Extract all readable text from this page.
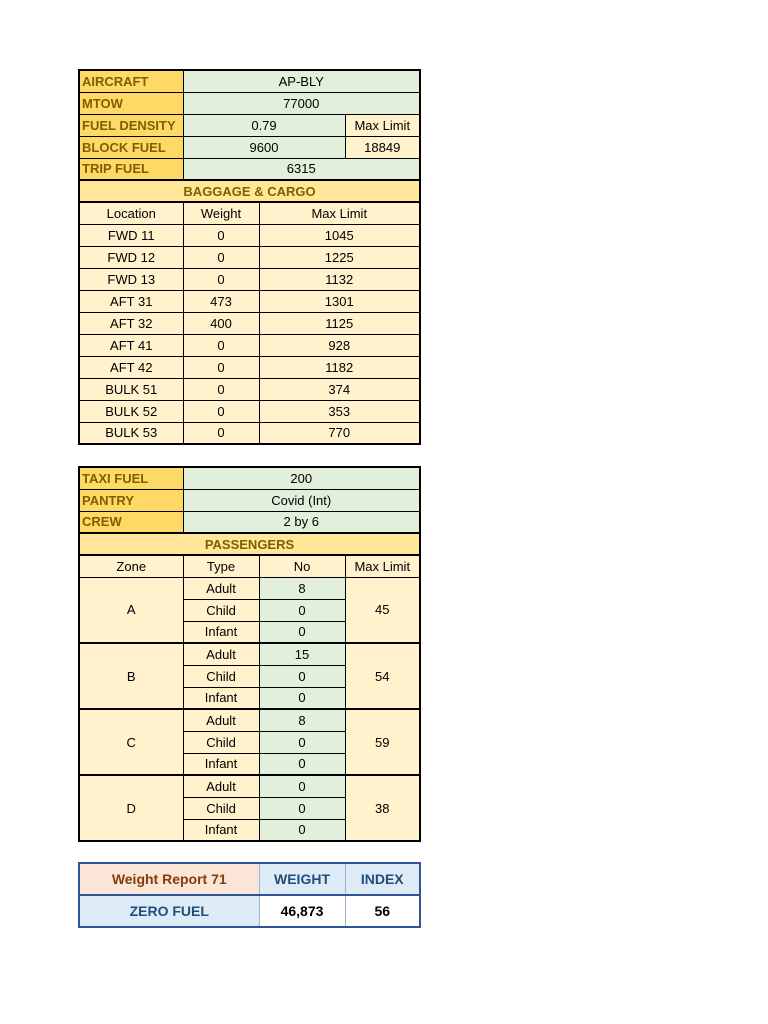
AIRCRAFT	AP-BLY		
MTOW	77000		
FUEL DENSITY	0.79		Max Limit
BLOCK FUEL	9600		18849
TRIP FUEL	6315		
BAGGAGE & CARGO			
Location	Weight	Max Limit	
FWD 11	0	1045	
FWD 12	0	1225	
FWD 13	0	1132	
AFT 31	473	1301	
AFT 32	400	1125	
AFT 41	0	928	
AFT 42	0	1182	
BULK 51	0	374	
BULK 52	0	353	
BULK 53	0	770	
TAXI FUEL	200		
PANTRY	Covid (Int)		
CREW	2 by 6		
PASSENGERS			
Zone	Type	No	Max Limit
A	Adult	8	45
	Child	0	
	Infant	0	
B	Adult	15	54
	Child	0	
	Infant	0	
C	Adult	8	59
	Child	0	
	Infant	0	
D	Adult	0	38
	Child	0	
	Infant	0	
Weight Report 71	WEIGHT	INDEX
ZERO FUEL	46,873	56
